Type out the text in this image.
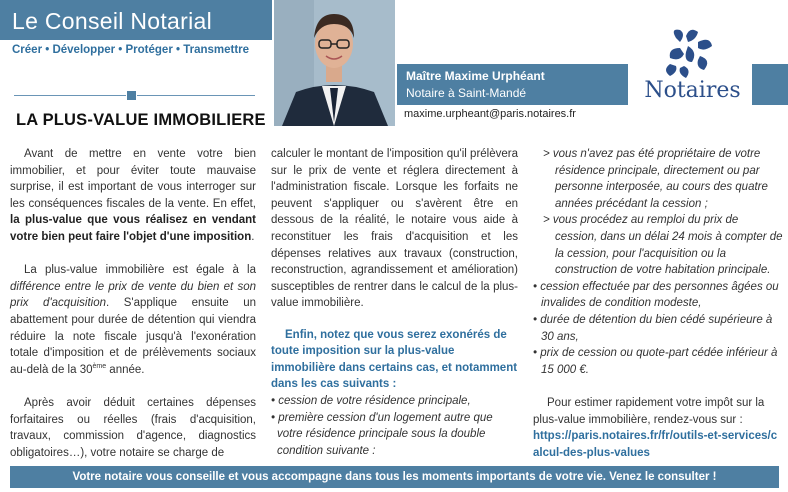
Le Conseil Notarial
Créer • Développer • Protéger • Transmettre
LA PLUS-VALUE IMMOBILIERE
Maître Maxime Urphéant
Notaire à Saint-Mandé
maxime.urpheant@paris.notaires.fr
Notaires

Avant de mettre en vente votre bien immobilier, et pour éviter toute mauvaise surprise, il est important de vous interroger sur les conséquences fiscales de la vente. En effet, la plus-value que vous réalisez en vendant votre bien peut faire l'objet d'une imposition.

La plus-value immobilière est égale à la différence entre le prix de vente du bien et son prix d'acquisition. S'applique ensuite un abattement pour durée de détention qui viendra réduire la note fiscale jusqu'à l'exonération totale d'imposition et de prélèvements sociaux au-delà de la 30ème année.

Après avoir déduit certaines dépenses forfaitaires ou réelles (frais d'acquisition, travaux, commission d'agence, diagnostics obligatoires…), votre notaire se charge de

calculer le montant de l'imposition qu'il prélèvera sur le prix de vente et réglera directement à l'administration fiscale. Lorsque les forfaits ne peuvent s'appliquer ou s'avèrent être en dessous de la réalité, le notaire vous aide à reconstituer les frais d'acquisition et les dépenses relatives aux travaux (construction, reconstruction, agrandissement et amélioration) susceptibles de rentrer dans le calcul de la plus-value immobilière.

Enfin, notez que vous serez exonérés de toute imposition sur la plus-value immobilière dans certains cas, et notamment dans les cas suivants :
• cession de votre résidence principale,
• première cession d'un logement autre que votre résidence principale sous la double condition suivante :
> vous n'avez pas été propriétaire de votre résidence principale, directement ou par personne interposée, au cours des quatre années précédant la cession ;
> vous procédez au remploi du prix de cession, dans un délai 24 mois à compter de la cession, pour l'acquisition ou la construction de votre habitation principale.
• cession effectuée par des personnes âgées ou invalides de condition modeste,
• durée de détention du bien cédé supérieure à 30 ans,
• prix de cession ou quote-part cédée inférieur à 15 000 €.
Pour estimer rapidement votre impôt sur la plus-value immobilière, rendez-vous sur :
https://paris.notaires.fr/fr/outils-et-services/calcul-des-plus-values
Votre notaire vous conseille et vous accompagne dans tous les moments importants de votre vie. Venez le consulter !
